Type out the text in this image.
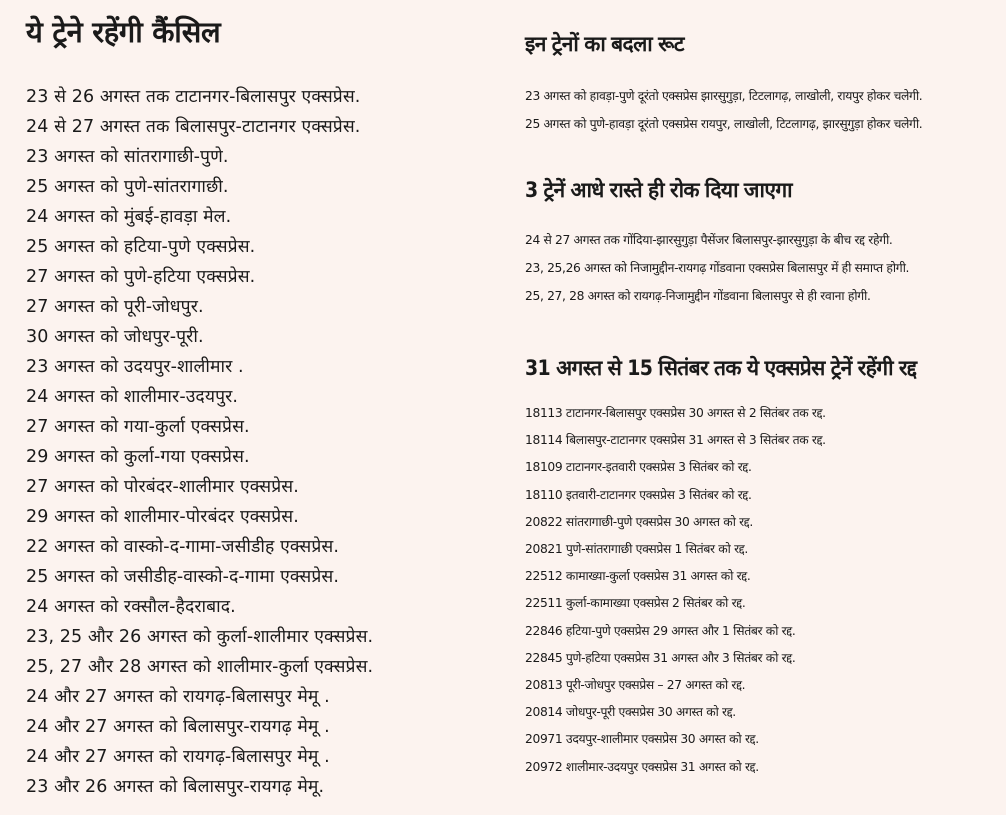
ये ट्रेने रहेंगी कैंसिल
23 से 26 अगस्त तक टाटानगर-बिलासपुर एक्सप्रेस.
24 से 27 अगस्त तक बिलासपुर-टाटानगर एक्सप्रेस.
23 अगस्त को सांतरागाछी-पुणे.
25 अगस्त को पुणे-सांतरागाछी.
24 अगस्त को मुंबई-हावड़ा मेल.
25 अगस्त को हटिया-पुणे एक्सप्रेस.
27 अगस्त को पुणे-हटिया एक्सप्रेस.
27 अगस्त को पूरी-जोधपुर.
30 अगस्त को जोधपुर-पूरी.
23 अगस्त को उदयपुर-शालीमार .
24 अगस्त को शालीमार-उदयपुर.
27 अगस्त को गया-कुर्ला एक्सप्रेस.
29 अगस्त को कुर्ला-गया एक्सप्रेस.
27 अगस्त को पोरबंदर-शालीमार एक्सप्रेस.
29 अगस्त को शालीमार-पोरबंदर एक्सप्रेस.
22 अगस्त को वास्को-द-गामा-जसीडीह एक्सप्रेस.
25 अगस्त को जसीडीह-वास्को-द-गामा एक्सप्रेस.
24 अगस्त को रक्सौल-हैदराबाद.
23, 25 और 26 अगस्त को कुर्ला-शालीमार एक्सप्रेस.
25, 27 और 28 अगस्त को शालीमार-कुर्ला एक्सप्रेस.
24 और 27 अगस्त को रायगढ़-बिलासपुर मेमू .
24 और 27 अगस्त को बिलासपुर-रायगढ़ मेमू .
24 और 27 अगस्त को रायगढ़-बिलासपुर मेमू .
23 और 26 अगस्त को बिलासपुर-रायगढ़ मेमू.
इन ट्रेनों का बदला रूट
23 अगस्त को हावड़ा-पुणे दूरंतो एक्सप्रेस झारसुगुड़ा, टिटलागढ़, लाखोली, रायपुर होकर चलेगी.
25 अगस्त को पुणे-हावड़ा दूरंतो एक्सप्रेस रायपुर, लाखोली, टिटलागढ़, झारसुगुड़ा होकर चलेगी.
3 ट्रेनें आधे रास्ते ही रोक दिया जाएगा
24 से 27 अगस्त तक गोंदिया-झारसुगुड़ा पैसेंजर बिलासपुर-झारसुगुड़ा के बीच रद्द रहेगी.
23, 25,26 अगस्त को निजामुद्दीन-रायगढ़ गोंडवाना एक्सप्रेस बिलासपुर में ही समाप्त होगी.
25, 27, 28 अगस्त को रायगढ़-निजामुद्दीन गोंडवाना बिलासपुर से ही रवाना होगी.
31 अगस्त से 15 सितंबर तक ये एक्सप्रेस ट्रेनें रहेंगी रद्द
18113 टाटानगर-बिलासपुर एक्सप्रेस 30 अगस्त से 2 सितंबर तक रद्द.
18114 बिलासपुर-टाटानगर एक्सप्रेस 31 अगस्त से 3 सितंबर तक रद्द.
18109 टाटानगर-इतवारी एक्सप्रेस 3 सितंबर को रद्द.
18110 इतवारी-टाटानगर एक्सप्रेस 3 सितंबर को रद्द.
20822 सांतरागाछी-पुणे एक्सप्रेस 30 अगस्त को रद्द.
20821 पुणे-सांतरागाछी एक्सप्रेस 1 सितंबर को रद्द.
22512 कामाख्या-कुर्ला एक्सप्रेस 31 अगस्त को रद्द.
22511 कुर्ला-कामाख्या एक्सप्रेस 2 सितंबर को रद्द.
22846 हटिया-पुणे एक्सप्रेस 29 अगस्त और 1 सितंबर को रद्द.
22845 पुणे-हटिया एक्सप्रेस 31 अगस्त और 3 सितंबर को रद्द.
20813 पूरी-जोधपुर एक्सप्रेस – 27 अगस्त को रद्द.
20814 जोधपुर-पूरी एक्सप्रेस 30 अगस्त को रद्द.
20971 उदयपुर-शालीमार एक्सप्रेस 30 अगस्त को रद्द.
20972 शालीमार-उदयपुर एक्सप्रेस 31 अगस्त को रद्द.
